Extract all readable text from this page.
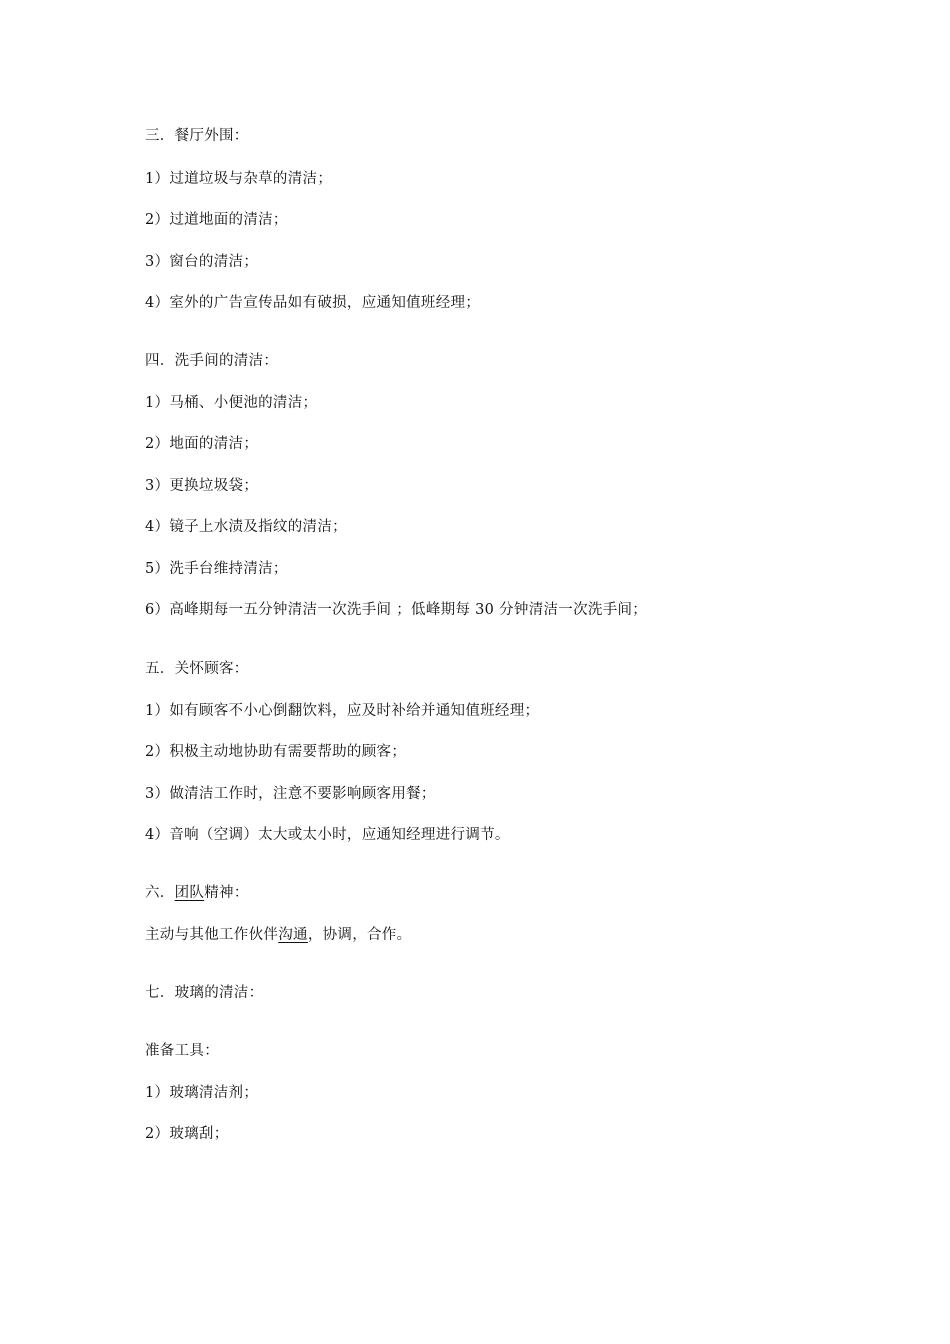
三．餐厅外围：
1）过道垃圾与杂草的清洁；
2）过道地面的清洁；
3）窗台的清洁；
4）室外的广告宣传品如有破损，应通知值班经理；
四．洗手间的清洁：
1）马桶、小便池的清洁；
2）地面的清洁；
3）更换垃圾袋；
4）镜子上水渍及指纹的清洁；
5）洗手台维持清洁；
6）高峰期每一五分钟清洁一次洗手间 ；低峰期每 30 分钟清洁一次洗手间；
五．关怀顾客：
1）如有顾客不小心倒翻饮料，应及时补给并通知值班经理；
2）积极主动地协助有需要帮助的顾客；
3）做清洁工作时，注意不要影响顾客用餐；
4）音响（空调）太大或太小时，应通知经理进行调节。
六．团队精神：
主动与其他工作伙伴沟通，协调，合作。
七．玻璃的清洁：
准备工具：
1）玻璃清洁剂；
2）玻璃刮；
